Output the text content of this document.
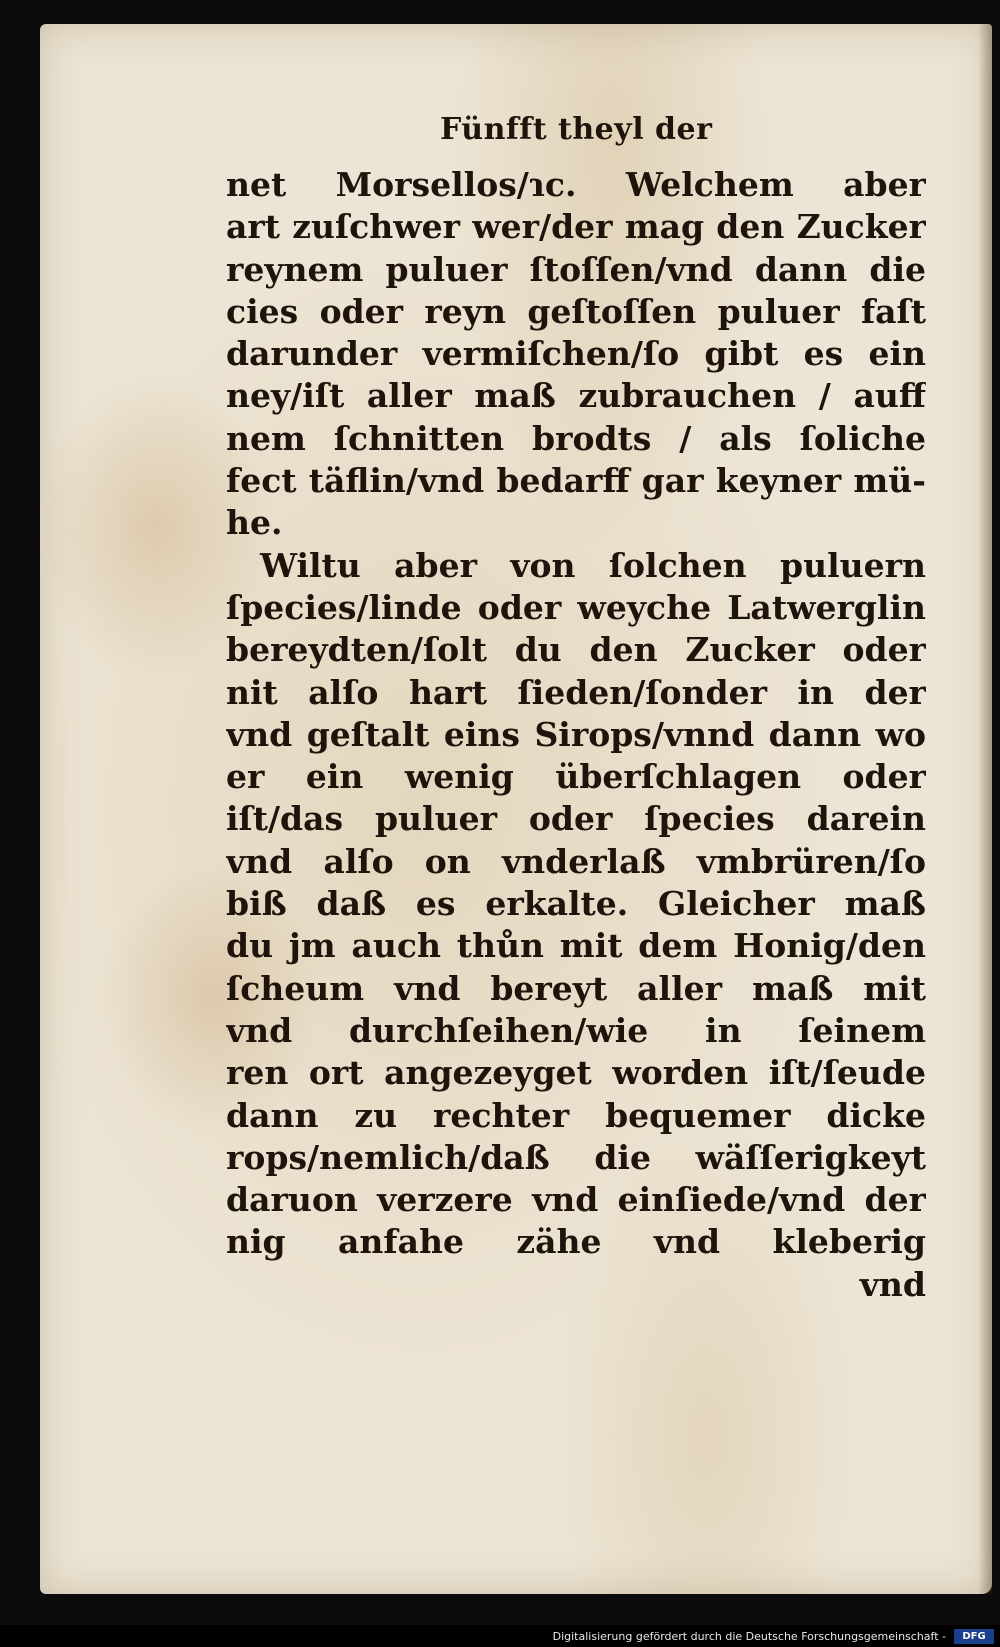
Fünfft theyl der
net Morsellos/ɿc. Welchem aber
art zuſchwer wer/der mag den Zucker
reynem puluer ſtoſſen/vnd dann die
cies oder reyn geſtoſſen puluer faſt
darunder vermiſchen/ſo gibt es ein
ney/iſt aller maß zubrauchen / auff
nem ſchnitten brodts / als ſoliche
fect täflin/vnd bedarff gar keyner mü-
he.
Wiltu aber von ſolchen puluern
ſpecies/linde oder weyche Latwerglin
bereydten/ſolt du den Zucker oder
nit alſo hart ſieden/ſonder in der
vnd geſtalt eins Sirops/vnnd dann wo
er ein wenig überſchlagen oder
iſt/das puluer oder ſpecies darein
vnd alſo on vnderlaß vmbrüren/ſo
biß daß es erkalte. Gleicher maß
du jm auch thůn mit dem Honig/den
ſcheum vnd bereyt aller maß mit
vnd durchſeihen/wie in ſeinem
ren ort angezeyget worden iſt/ſeude
dann zu rechter bequemer dicke
rops/nemlich/daß die wäſſerigkeyt
daruon verzere vnd einſiede/vnd der
nig anfahe zähe vnd kleberig
vnd
Digitalisierung gefördert durch die Deutsche Forschungsgemeinschaft -	DFG
